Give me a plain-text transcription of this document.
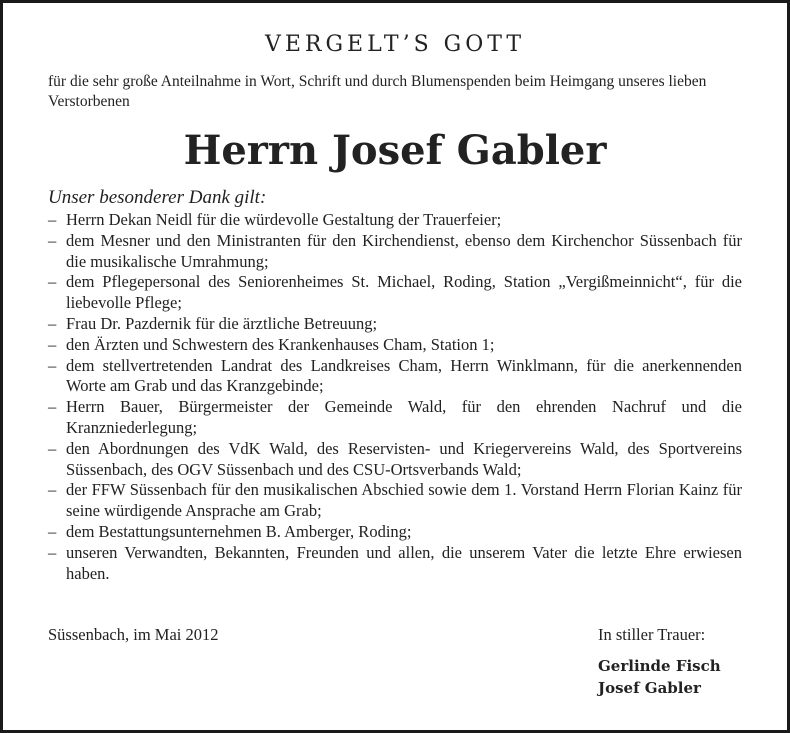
VERGELT’S GOTT

für die sehr große Anteilnahme in Wort, Schrift und durch Blumenspenden beim Heimgang unseres lieben Verstorbenen

Herrn Josef Gabler

Unser besonderer Dank gilt:

– Herrn Dekan Neidl für die würdevolle Gestaltung der Trauerfeier;
– dem Mesner und den Ministranten für den Kirchendienst, ebenso dem Kirchenchor Süssenbach für die musikalische Umrahmung;
– dem Pflegepersonal des Seniorenheimes St. Michael, Roding, Station „Vergißmeinnicht“, für die liebevolle Pflege;
– Frau Dr. Pazdernik für die ärztliche Betreuung;
– den Ärzten und Schwestern des Krankenhauses Cham, Station 1;
– dem stellvertretenden Landrat des Landkreises Cham, Herrn Winklmann, für die anerkennenden Worte am Grab und das Kranzgebinde;
– Herrn Bauer, Bürgermeister der Gemeinde Wald, für den ehrenden Nachruf und die Kranzniederlegung;
– den Abordnungen des VdK Wald, des Reservisten- und Kriegervereins Wald, des Sportvereins Süssenbach, des OGV Süssenbach und des CSU-Ortsverbands Wald;
– der FFW Süssenbach für den musikalischen Abschied sowie dem 1. Vorstand Herrn Florian Kainz für seine würdigende Ansprache am Grab;
– dem Bestattungsunternehmen B. Amberger, Roding;
– unseren Verwandten, Bekannten, Freunden und allen, die unserem Vater die letzte Ehre erwiesen haben.
Süssenbach, im Mai 2012	In stiller Trauer:
Gerlinde Fisch
Josef Gabler
